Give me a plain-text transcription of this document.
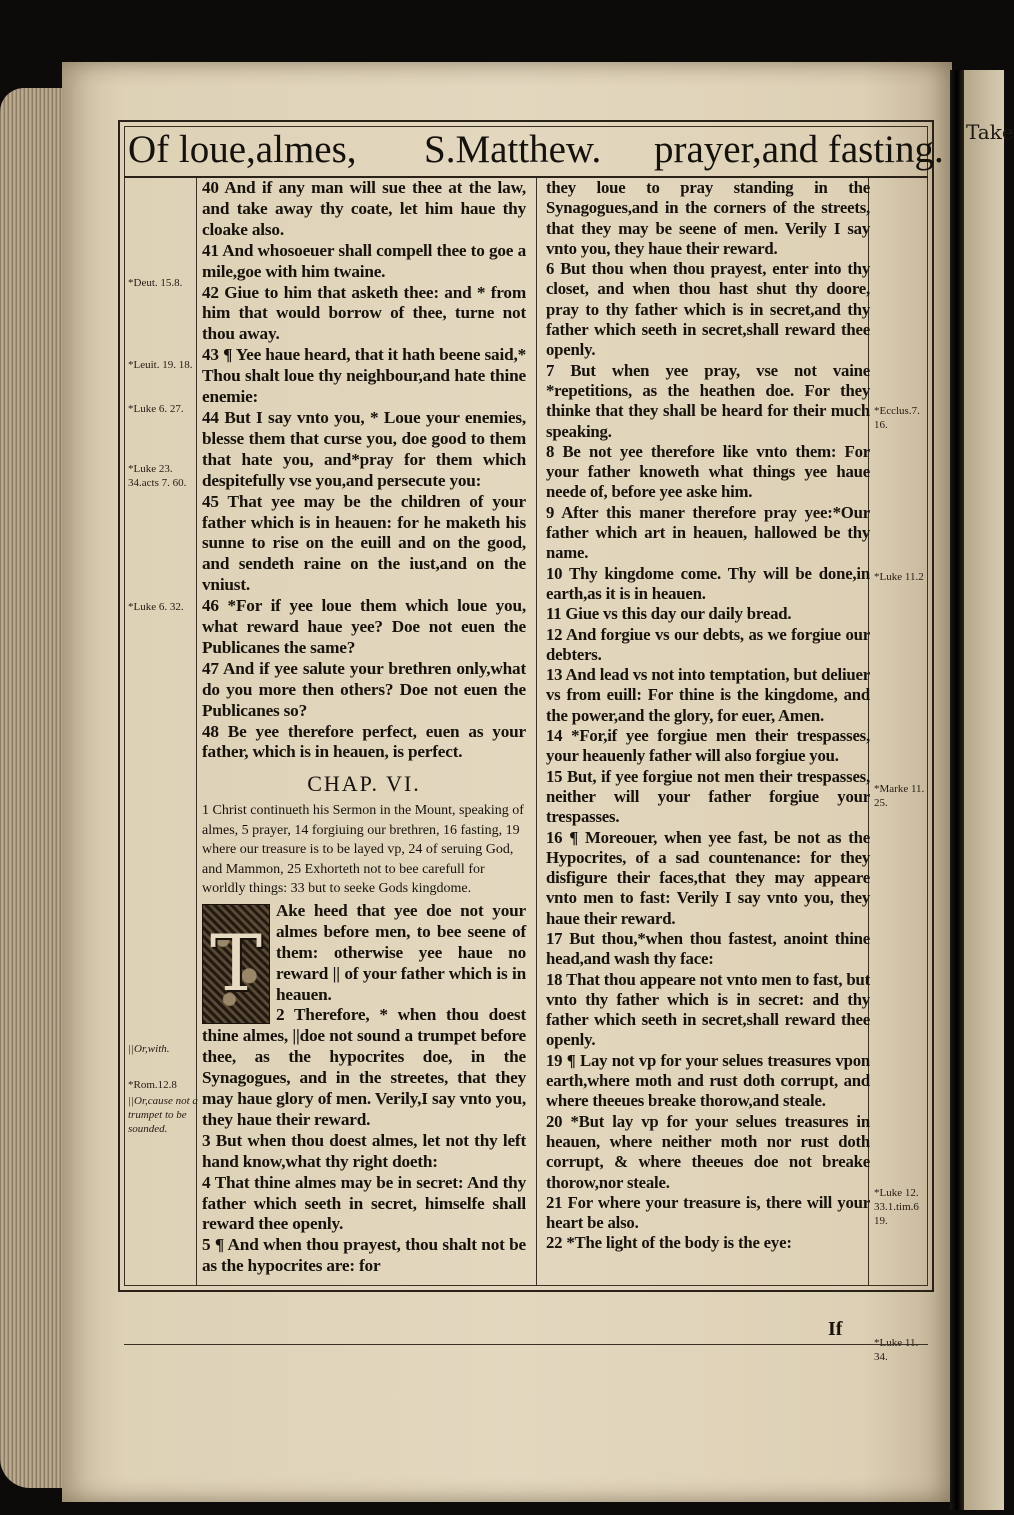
Take
Of loue,almes, S.Matthew. prayer,and fasting.
*Deut. 15.8.
*Leuit. 19. 18.
*Luke 6. 27.
*Luke 23. 34.acts 7. 60.
*Luke 6. 32.
||Or,with.
*Rom.12.8
||Or,cause not a trumpet to be sounded.
*Ecclus.7. 16.
*Luke 11.2
*Marke 11. 25.
*Luke 12. 33.1.tim.6 19.
*Luke 11. 34.

40 And if any man will sue thee at the law, and take away thy coate, let him haue thy cloake also.

41 And whosoeuer shall compell thee to goe a mile,goe with him twaine.

42 Giue to him that asketh thee: and * from him that would borrow of thee, turne not thou away.

43 ¶ Yee haue heard, that it hath beene said,* Thou shalt loue thy neighbour,and hate thine enemie:

44 But I say vnto you, * Loue your enemies, blesse them that curse you, doe good to them that hate you, and*pray for them which despitefully vse you,and persecute you:

45 That yee may be the children of your father which is in heauen: for he maketh his sunne to rise on the euill and on the good, and sendeth raine on the iust,and on the vniust.

46 *For if yee loue them which loue you, what reward haue yee? Doe not euen the Publicanes the same?

47 And if yee salute your brethren only,what do you more then others? Doe not euen the Publicanes so?

48 Be yee therefore perfect, euen as your father, which is in heauen, is perfect.

CHAP. VI.

1 Christ continueth his Sermon in the Mount, speaking of almes, 5 prayer, 14 forgiuing our brethren, 16 fasting, 19 where our treasure is to be layed vp, 24 of seruing God, and Mammon, 25 Exhorteth not to bee carefull for worldly things: 33 but to seeke Gods kingdome.

T

Ake heed that yee doe not your almes before men, to bee seene of them: otherwise yee haue no reward || of your father which is in heauen.

2 Therefore, * when thou doest thine almes, ||doe not sound a trumpet before thee, as the hypocrites doe, in the Synagogues, and in the streetes, that they may haue glory of men. Verily,I say vnto you, they haue their reward.

3 But when thou doest almes, let not thy left hand know,what thy right doeth:

4 That thine almes may be in secret: And thy father which seeth in secret, himselfe shall reward thee openly.

5 ¶ And when thou prayest, thou shalt not be as the hypocrites are: for

they loue to pray standing in the Synagogues,and in the corners of the streets, that they may be seene of men. Verily I say vnto you, they haue their reward.

6 But thou when thou prayest, enter into thy closet, and when thou hast shut thy doore, pray to thy father which is in secret,and thy father which seeth in secret,shall reward thee openly.

7 But when yee pray, vse not vaine *repetitions, as the heathen doe. For they thinke that they shall be heard for their much speaking.

8 Be not yee therefore like vnto them: For your father knoweth what things yee haue neede of, before yee aske him.

9 After this maner therefore pray yee:*Our father which art in heauen, hallowed be thy name.

10 Thy kingdome come. Thy will be done,in earth,as it is in heauen.

11 Giue vs this day our daily bread.

12 And forgiue vs our debts, as we forgiue our debters.

13 And lead vs not into temptation, but deliuer vs from euill: For thine is the kingdome, and the power,and the glory, for euer, Amen.

14 *For,if yee forgiue men their trespasses, your heauenly father will also forgiue you.

15 But, if yee forgiue not men their trespasses, neither will your father forgiue your trespasses.

16 ¶ Moreouer, when yee fast, be not as the Hypocrites, of a sad countenance: for they disfigure their faces,that they may appeare vnto men to fast: Verily I say vnto you, they haue their reward.

17 But thou,*when thou fastest, anoint thine head,and wash thy face:

18 That thou appeare not vnto men to fast, but vnto thy father which is in secret: and thy father which seeth in secret,shall reward thee openly.

19 ¶ Lay not vp for your selues treasures vpon earth,where moth and rust doth corrupt, and where theeues breake thorow,and steale.

20 *But lay vp for your selues treasures in heauen, where neither moth nor rust doth corrupt, & where theeues doe not breake thorow,nor steale.

21 For where your treasure is, there will your heart be also.

22 *The light of the body is the eye:

If
